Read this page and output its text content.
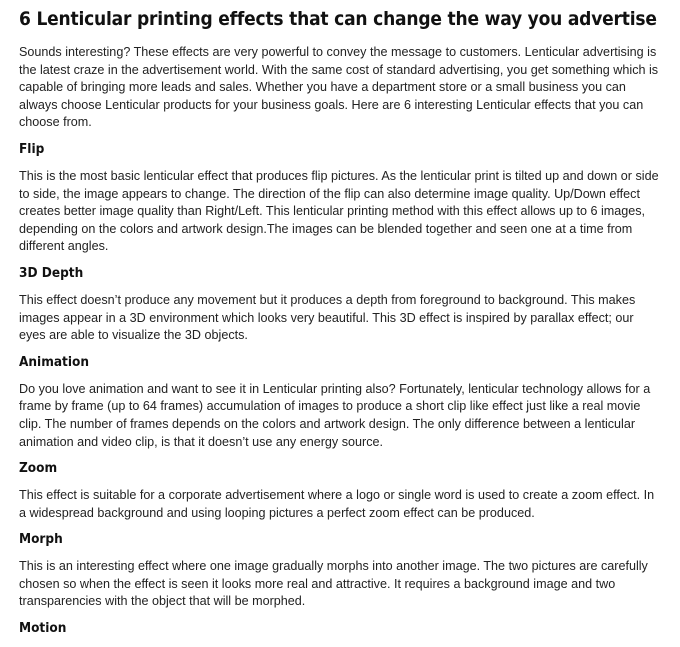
6 Lenticular printing effects that can change the way you advertise

Sounds interesting? These effects are very powerful to convey the message to customers. Lenticular advertising is the latest craze in the advertisement world. With the same cost of standard advertising, you get something which is capable of bringing more leads and sales. Whether you have a department store or a small business you can always choose Lenticular products for your business goals. Here are 6 interesting Lenticular effects that you can choose from.

Flip

This is the most basic lenticular effect that produces flip pictures. As the lenticular print is tilted up and down or side to side, the image appears to change. The direction of the flip can also determine image quality. Up/Down effect creates better image quality than Right/Left. This lenticular printing method with this effect allows up to 6 images, depending on the colors and artwork design.The images can be blended together and seen one at a time from different angles.

3D Depth

This effect doesn’t produce any movement but it produces a depth from foreground to background. This makes images appear in a 3D environment which looks very beautiful. This 3D effect is inspired by parallax effect; our eyes are able to visualize the 3D objects.

Animation

Do you love animation and want to see it in Lenticular printing also? Fortunately, lenticular technology allows for a frame by frame (up to 64 frames) accumulation of images to produce a short clip like effect just like a real movie clip. The number of frames depends on the colors and artwork design. The only difference between a lenticular animation and video clip, is that it doesn’t use any energy source.

Zoom

This effect is suitable for a corporate advertisement where a logo or single word is used to create a zoom effect. In a widespread background and using looping pictures a perfect zoom effect can be produced.

Morph

This is an interesting effect where one image gradually morphs into another image. The two pictures are carefully chosen so when the effect is seen it looks more real and attractive. It requires a background image and two transparencies with the object that will be morphed.

Motion
